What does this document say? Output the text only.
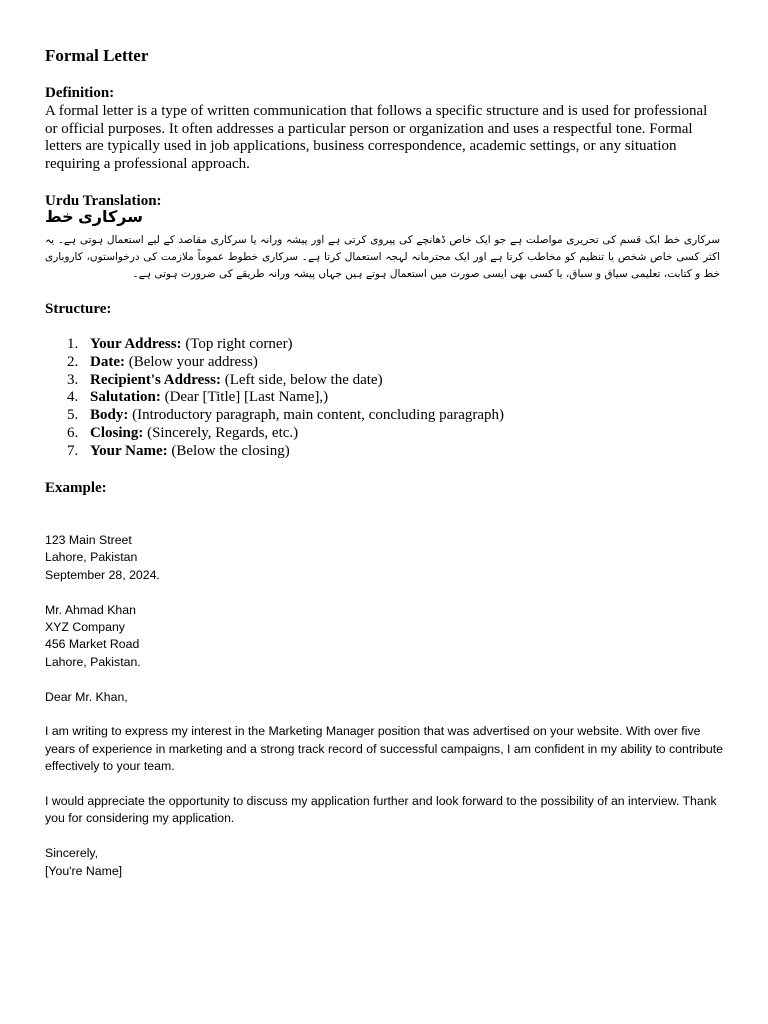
Formal Letter
Definition:

A formal letter is a type of written communication that follows a specific structure and is used for professional or official purposes. It often addresses a particular person or organization and uses a respectful tone. Formal letters are typically used in job applications, business correspondence, academic settings, or any situation requiring a professional approach.

Urdu Translation:

سرکاری خط

سرکاری خط ایک قسم کی تحریری مواصلت ہے جو ایک خاص ڈھانچے کی پیروی کرتی ہے اور پیشہ ورانہ یا سرکاری مقاصد کے لیے استعمال ہوتی ہے۔ یہ اکثر کسی خاص شخص یا تنظیم کو مخاطب کرتا ہے اور ایک محترمانہ لہجہ استعمال کرتا ہے۔ سرکاری خطوط عموماً ملازمت کی درخواستوں، کاروباری خط و کتابت، تعلیمی سیاق و سباق، یا کسی بھی ایسی صورت میں استعمال ہوتے ہیں جہاں پیشہ ورانہ طریقے کی ضرورت ہوتی ہے۔

Structure:
1. Your Address: (Top right corner)
2. Date: (Below your address)
3. Recipient's Address: (Left side, below the date)
4. Salutation: (Dear [Title] [Last Name],)
5. Body: (Introductory paragraph, main content, concluding paragraph)
6. Closing: (Sincerely, Regards, etc.)
7. Your Name: (Below the closing)
Example:

123 Main Street

Lahore, Pakistan

September 28, 2024.

Mr. Ahmad Khan

XYZ Company

456 Market Road

Lahore, Pakistan.

Dear Mr. Khan,

I am writing to express my interest in the Marketing Manager position that was advertised on your website. With over five years of experience in marketing and a strong track record of successful campaigns, I am confident in my ability to contribute effectively to your team.

I would appreciate the opportunity to discuss my application further and look forward to the possibility of an interview. Thank you for considering my application.

Sincerely,

[You're Name]
